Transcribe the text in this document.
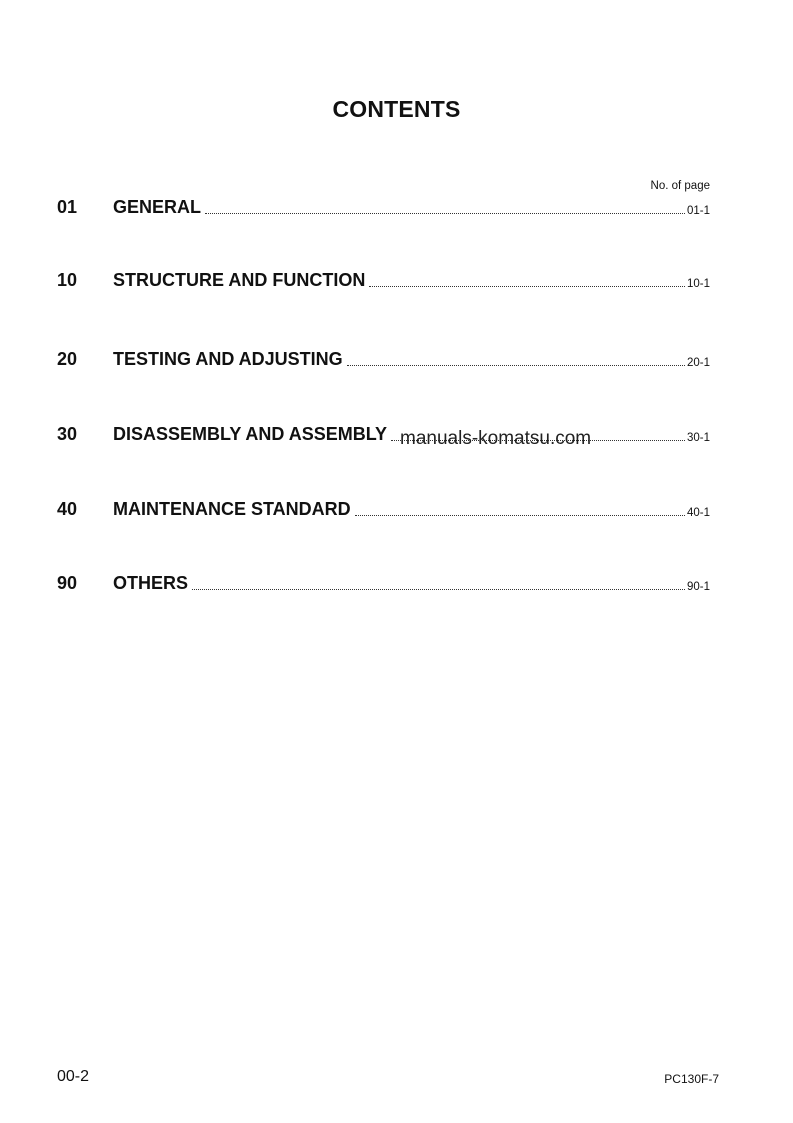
CONTENTS
No. of page
01	GENERAL	01-1
10	STRUCTURE AND FUNCTION	10-1
20	TESTING AND ADJUSTING	20-1
30	DISASSEMBLY AND ASSEMBLY	30-1
40	MAINTENANCE STANDARD	40-1
90	OTHERS	90-1
manuals-komatsu.com
00-2	PC130F-7
